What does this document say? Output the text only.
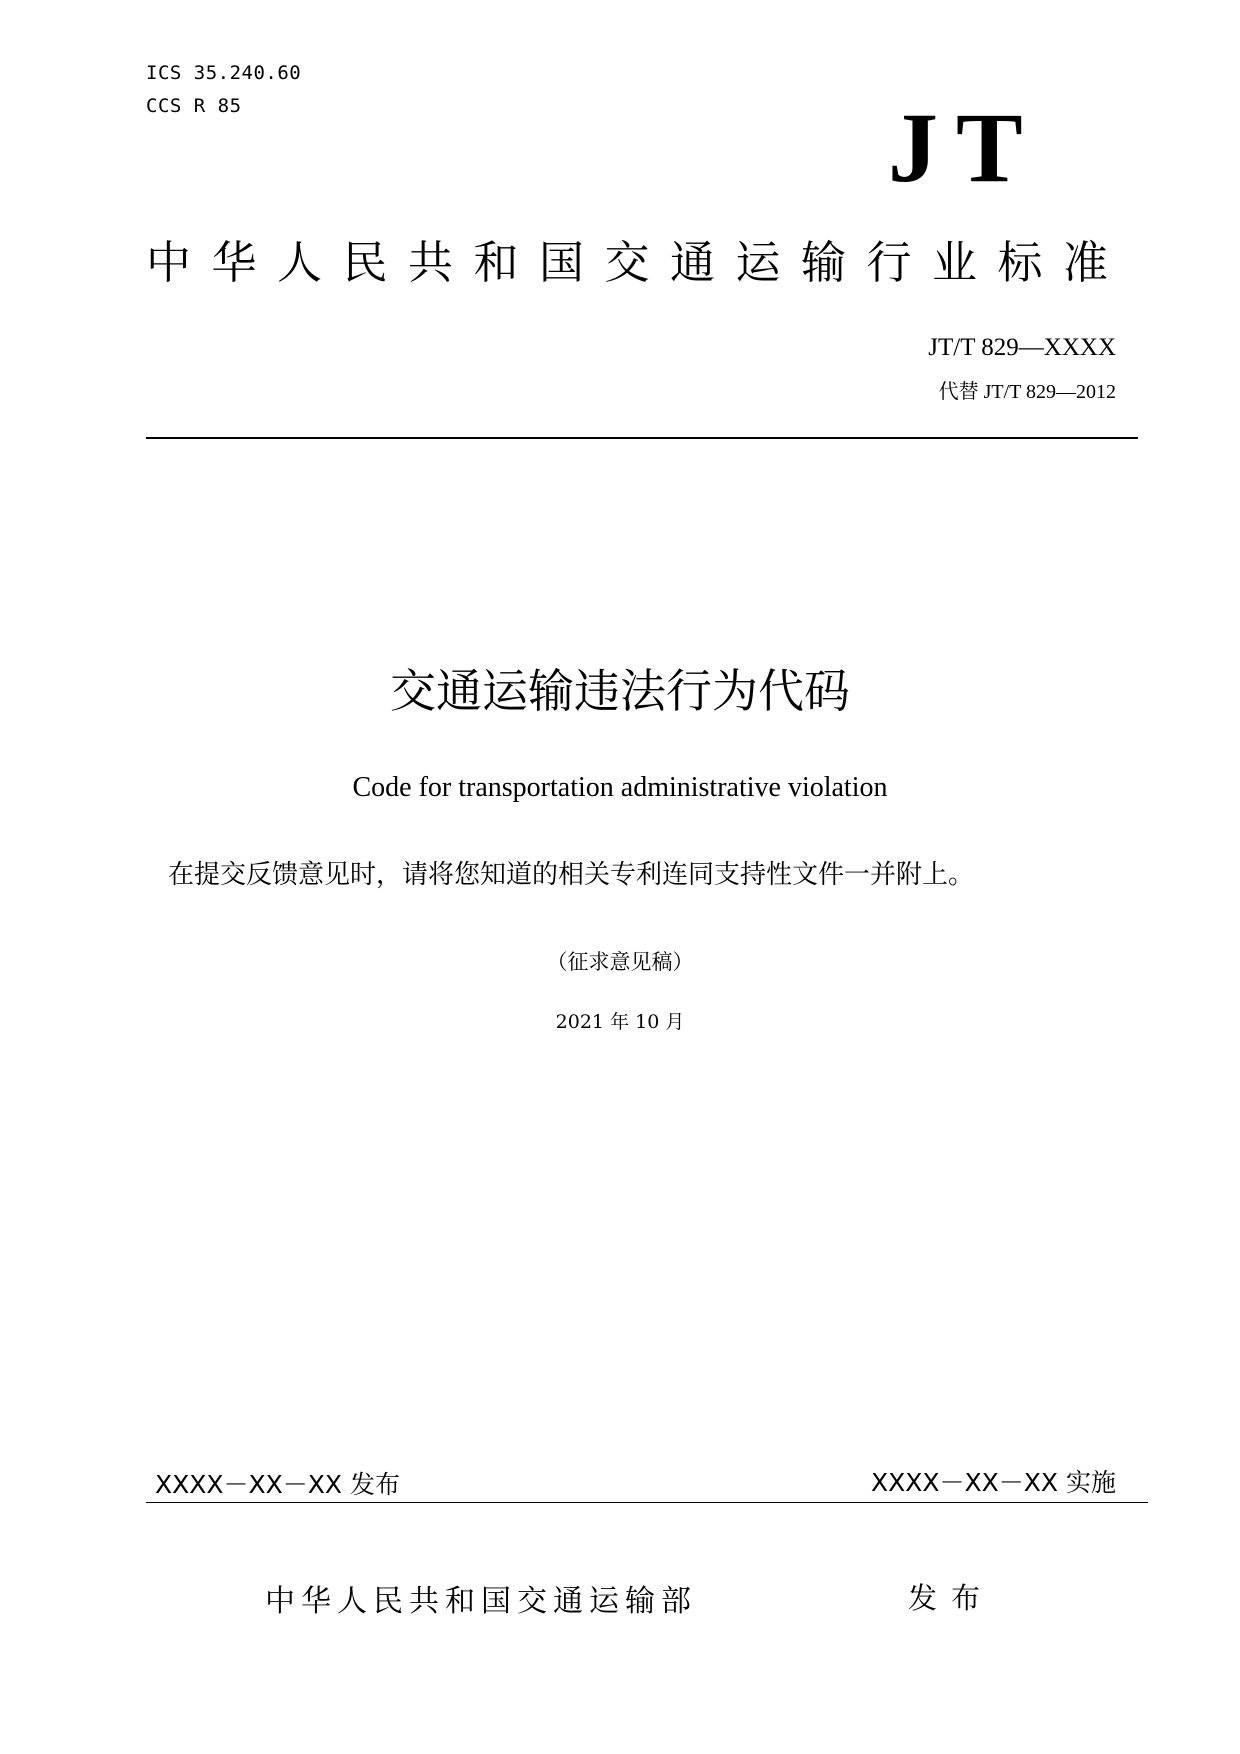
ICS 35.240.60
CCS R 85	JT
中华人民共和国交通运输行业标准
JT/T 829—XXXX
代替 JT/T 829—2012
交通运输违法行为代码
Code for transportation administrative violation
在提交反馈意见时，请将您知道的相关专利连同支持性文件一并附上。
（征求意见稿）
2021 年 10 月
XXXX－XX－XX 发布	XXXX－XX－XX 实施
中华人民共和国交通运输部	发布
